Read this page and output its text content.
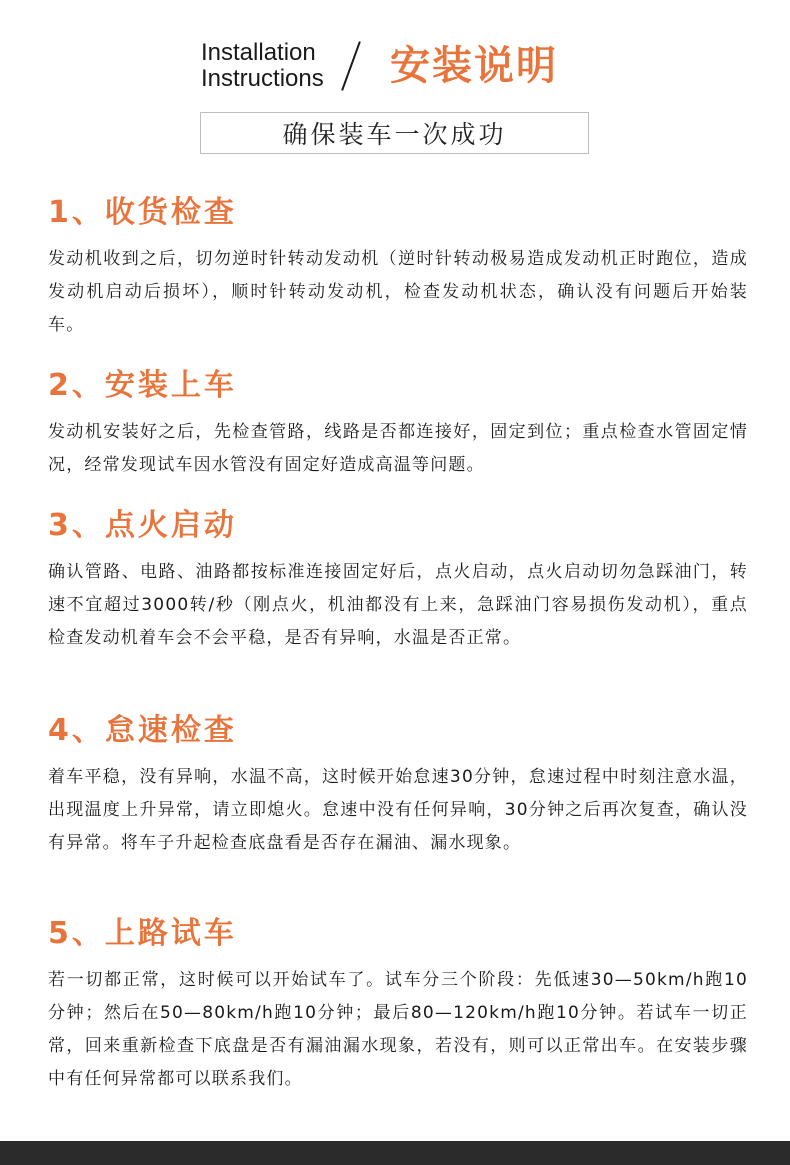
Installation
Instructions 安装说明
确保装车一次成功
1、收货检查
发动机收到之后，切勿逆时针转动发动机（逆时针转动极易造成发动机正时跑位，造成发动机启动后损坏），顺时针转动发动机，检查发动机状态，确认没有问题后开始装车。
2、安装上车
发动机安装好之后，先检查管路，线路是否都连接好，固定到位；重点检查水管固定情况，经常发现试车因水管没有固定好造成高温等问题。
3、点火启动
确认管路、电路、油路都按标准连接固定好后，点火启动，点火启动切勿急踩油门，转速不宜超过3000转/秒（刚点火，机油都没有上来，急踩油门容易损伤发动机），重点检查发动机着车会不会平稳，是否有异响，水温是否正常。
4、怠速检查
着车平稳，没有异响，水温不高，这时候开始怠速30分钟，怠速过程中时刻注意水温，出现温度上升异常，请立即熄火。怠速中没有任何异响，30分钟之后再次复查，确认没有异常。将车子升起检查底盘看是否存在漏油、漏水现象。
5、上路试车
若一切都正常，这时候可以开始试车了。试车分三个阶段：先低速30—50km/h跑10分钟；然后在50—80km/h跑10分钟；最后80—120km/h跑10分钟。若试车一切正常，回来重新检查下底盘是否有漏油漏水现象，若没有，则可以正常出车。在安装步骤中有任何异常都可以联系我们。
